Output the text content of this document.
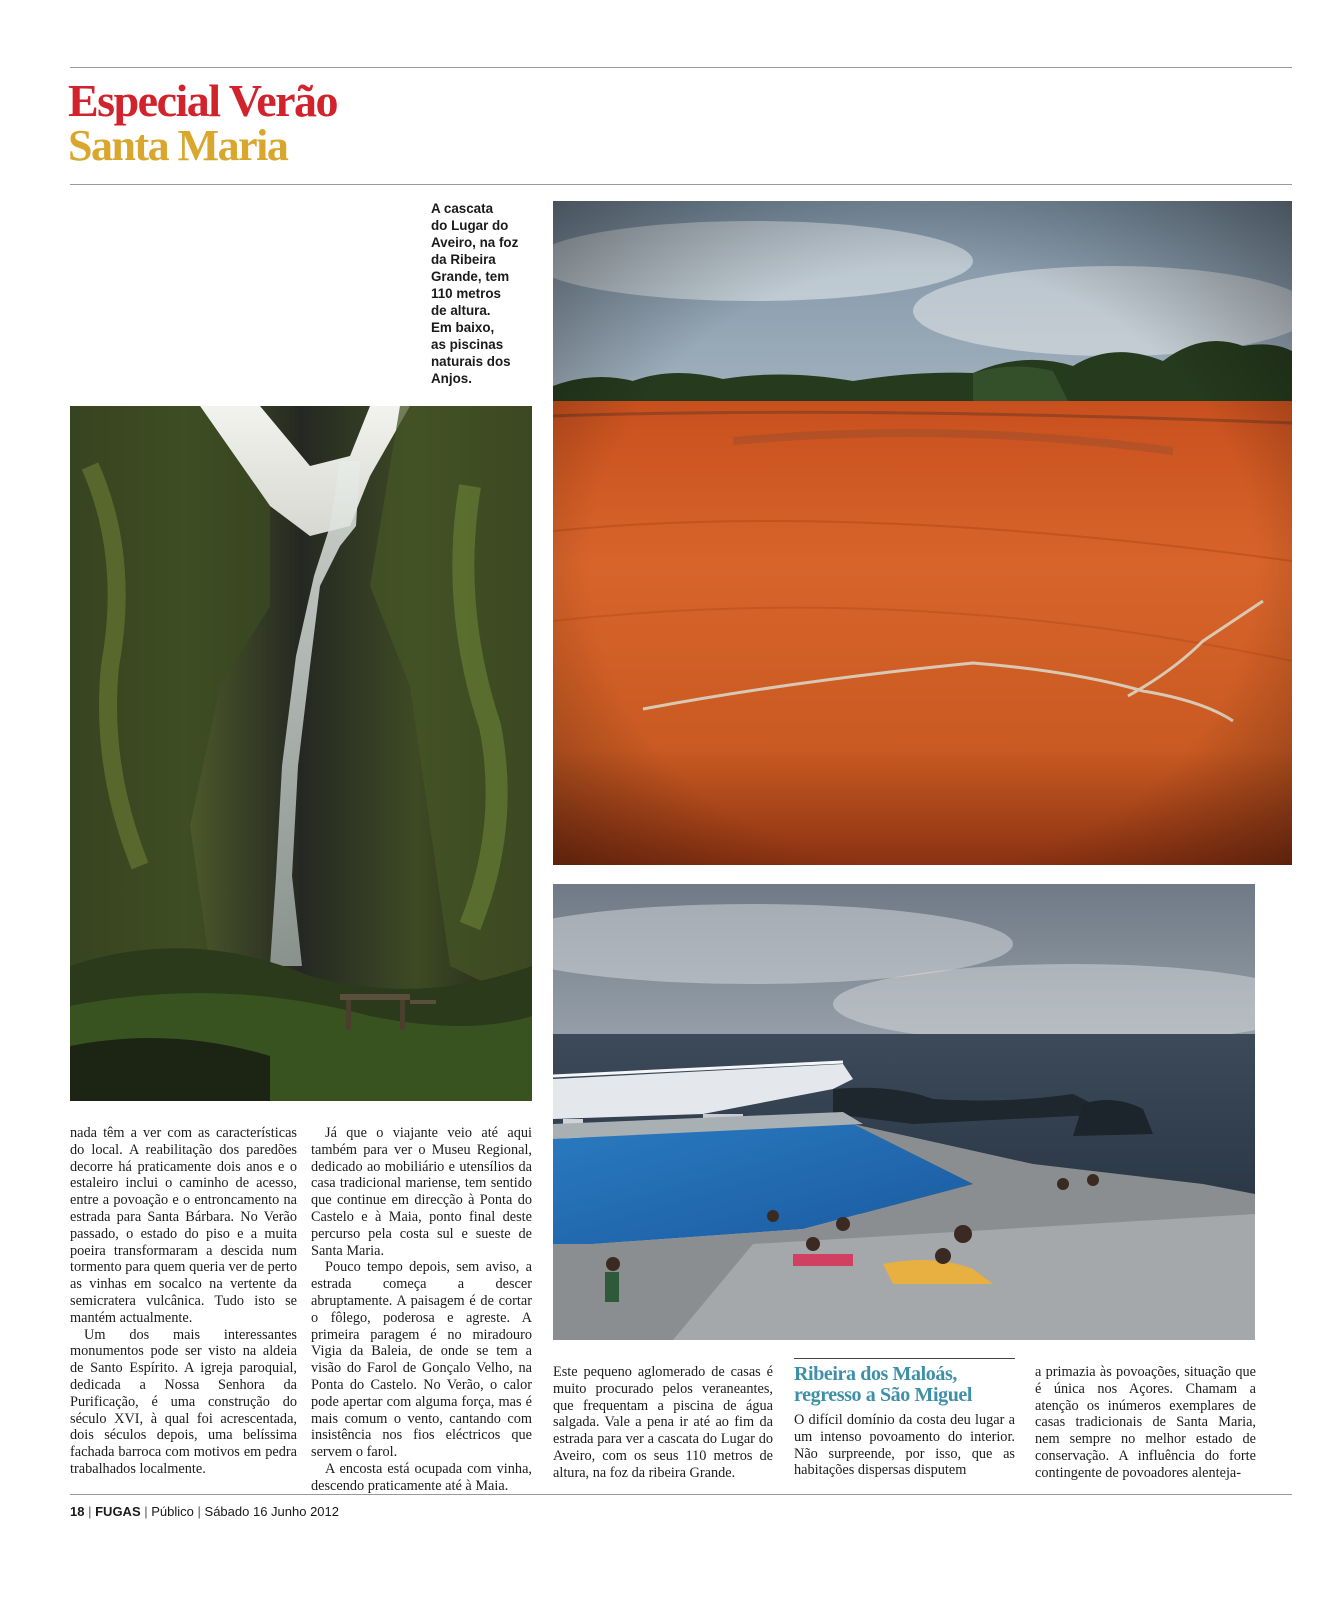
Especial Verão
Santa Maria
A cascata
do Lugar do
Aveiro, na foz
da Ribeira
Grande, tem
110 metros
de altura.
Em baixo,
as piscinas
naturais dos
Anjos.

nada têm a ver com as características do local. A reabilitação dos paredões decorre há praticamente dois anos e o estaleiro inclui o caminho de acesso, entre a povoação e o entroncamento na estrada para Santa Bárbara. No Verão passado, o estado do piso e a muita poeira transformaram a descida num tormento para quem queria ver de perto as vinhas em socalco na vertente da semicratera vulcânica. Tudo isto se mantém actualmente.

Um dos mais interessantes monumentos pode ser visto na aldeia de Santo Espírito. A igreja paroquial, dedicada a Nossa Senhora da Purificação, é uma construção do século XVI, à qual foi acrescentada, dois séculos depois, uma belíssima fachada barroca com motivos em pedra trabalhados localmente.

Já que o viajante veio até aqui também para ver o Museu Regional, dedicado ao mobiliário e utensílios da casa tradicional mariense, tem sentido que continue em direcção à Ponta do Castelo e à Maia, ponto final deste percurso pela costa sul e sueste de Santa Maria.

Pouco tempo depois, sem aviso, a estrada começa a descer abruptamente. A paisagem é de cortar o fôlego, poderosa e agreste. A primeira paragem é no miradouro Vigia da Baleia, de onde se tem a visão do Farol de Gonçalo Velho, na Ponta do Castelo. No Verão, o calor pode apertar com alguma força, mas é mais comum o vento, cantando com insistência nos fios eléctricos que servem o farol.

A encosta está ocupada com vinha, descendo praticamente até à Maia.

Este pequeno aglomerado de casas é muito procurado pelos veraneantes, que frequentam a piscina de água salgada. Vale a pena ir até ao fim da estrada para ver a cascata do Lugar do Aveiro, com os seus 110 metros de altura, na foz da ribeira Grande.

Ribeira dos Maloás,
regresso a São Miguel

O difícil domínio da costa deu lugar a um intenso povoamento do interior. Não surpreende, por isso, que as habitações dispersas disputem

a primazia às povoações, situação que é única nos Açores. Chamam a atenção os inúmeros exemplares de casas tradicionais de Santa Maria, nem sempre no melhor estado de conservação. A influência do forte contingente de povoadores alenteja-

18 | FUGAS | Público | Sábado 16 Junho 2012
